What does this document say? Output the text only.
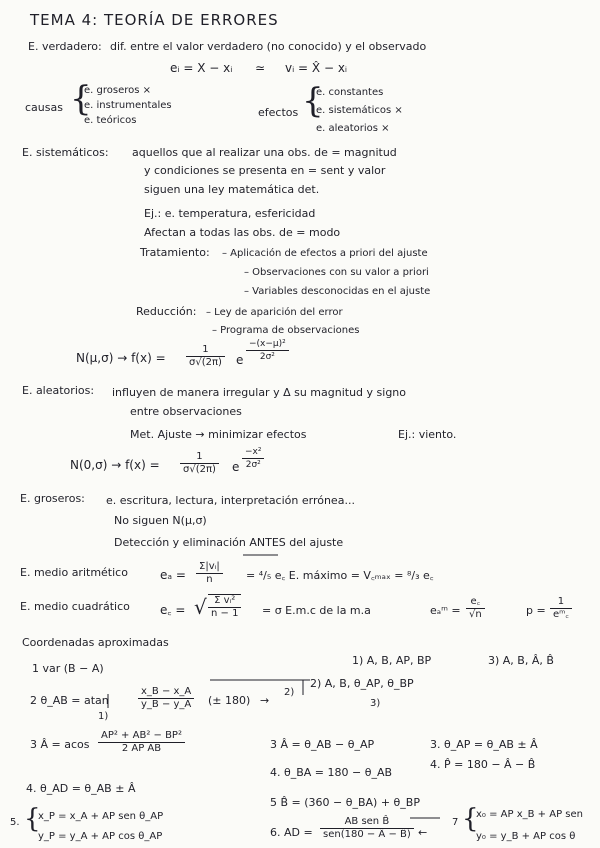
TEMA 4: TEORÍA DE ERRORES
E. verdadero: dif. entre el valor verdadero (no conocido) y el observado
eᵢ = X − xᵢ ≃ vᵢ = X̂ − xᵢ
causas {
e. groseros ×
e. instrumentales
e. teóricos
efectos {
e. constantes
e. sistemáticos ×
e. aleatorios ×
E. sistemáticos: aquellos que al realizar una obs. de = magnitud
y condiciones se presenta en = sent y valor
siguen una ley matemática det.
Ej.: e. temperatura, esfericidad
Afectan a todas las obs. de = modo
Tratamiento: – Aplicación de efectos a priori del ajuste
– Observaciones con su valor a priori
– Variables desconocidas en el ajuste
Reducción: – Ley de aparición del error
– Programa de observaciones
$N(\mu,\sigma) \to f(x) = \frac{1}{\sigma√(2\pi)}$ e $\frac{\text{−(x−μ)²}}{\text{2σ²}}$
E. aleatorios: influyen de manera irregular y Δ su magnitud y signo
entre observaciones
Met. Ajuste → minimizar efectos	Ej.: viento.
$N(0,\sigma) \to f(x) = \frac{1}{\sigma√(2\pi)}$ e $\frac{\text{−x²}}{\text{2σ²}}$
E. groseros: e. escritura, lectura, interpretación errónea...
No siguen N(μ,σ)
Detección y eliminación ANTES del ajuste
E. medio aritmético	$e_a = \frac{\text{Σ|vᵢ|}}{n} = ^4/_5$ e꜀ E. máximo = V꜀ₘₐₓ = ⁸/₃ e꜀
E. medio cuadrático	e꜀ = √ $\frac{\text{Σ vᵢ²}}{n - 1} = \sigma$ E.m.c de la m.a	eₐᵐ = $\frac{e꜀}{√n}$	$p = \frac{1}{\text{eᵐ꜀}}$
Coordenadas aproximadas
1 var (B − A)
2 θ_AB = atan	$\frac{x\_B - x\_A}{y\_B - y\_A}$ (± 180)
1)
2)
→
3 Â = acos $\frac{\text{AP² + AB² − BP²}}{\text{2 AP AB}}$
4. θ_AD = θ_AB ± Â
{
5.
x_P = x_A + AP sen θ_AP
y_P = y_A + AP cos θ_AP
1) A, B, AP, BP	3) A, B, Â, B̂
2) A, B, θ_AP, θ_BP
3)
3 Â = θ_AB − θ_AP
4. θ_BA = 180 − θ_AB
5 B̂ = (360 − θ_BA) + θ_BP
6. AD =
AB sen B̂
sen(180 − Â − B̂) ←
3. θ_AP = θ_AB ± Â
4. P̂ = 180 − Â − B̂
7 {
x₀ = AP x_B + AP sen
y₀ = y_B + AP cos θ
